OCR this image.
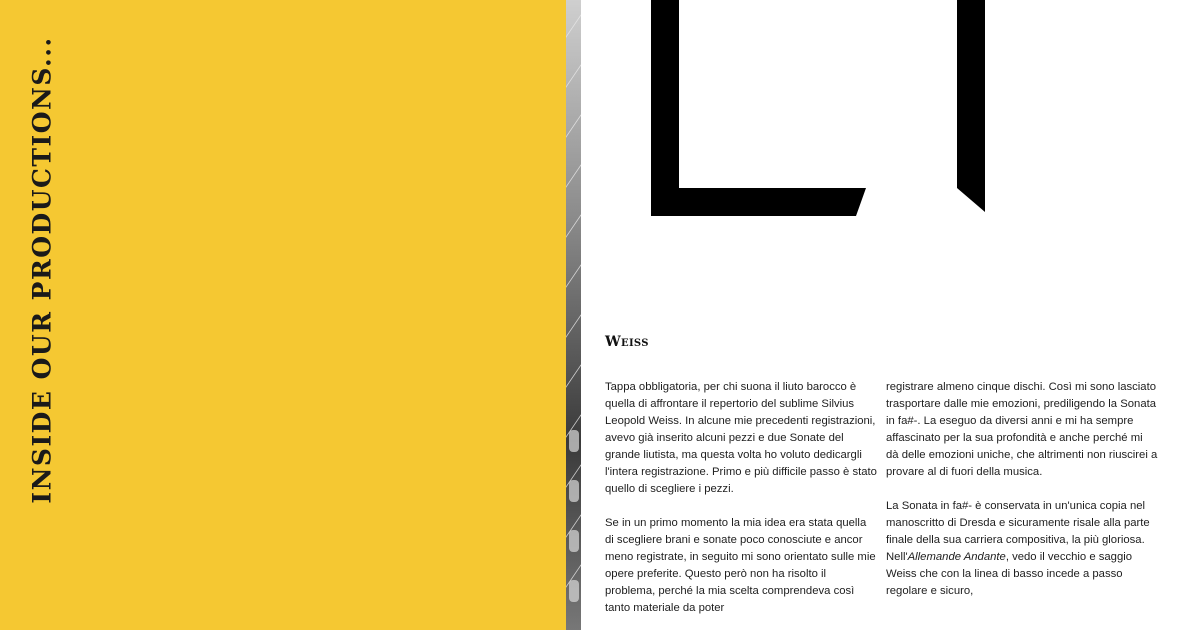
INSIDE OUR PRODUCTIONS...	Weiss

Tappa obbligatoria, per chi suona il liuto barocco è quella di affrontare il repertorio del sublime Silvius Leopold Weiss. In alcune mie precedenti registrazioni, avevo già inserito alcuni pezzi e due Sonate del grande liutista, ma questa volta ho voluto dedicargli l'intera registrazione. Primo e più difficile passo è stato quello di scegliere i pezzi.

Se in un primo momento la mia idea era stata quella di scegliere brani e sonate poco conosciute e ancor meno registrate, in seguito mi sono orientato sulle mie opere preferite. Questo però non ha risolto il problema, perché la mia scelta comprendeva così tanto materiale da poter

registrare almeno cinque dischi. Così mi sono lasciato trasportare dalle mie emozioni, prediligendo la Sonata in fa#-. La eseguo da diversi anni e mi ha sempre affascinato per la sua profondità e anche perché mi dà delle emozioni uniche, che altrimenti non riuscirei a provare al di fuori della musica.

La Sonata in fa#- è conservata in un'unica copia nel manoscritto di Dresda e sicuramente risale alla parte finale della sua carriera compositiva, la più gloriosa.
Nell'Allemande Andante, vedo il vecchio e saggio Weiss che con la linea di basso incede a passo regolare e sicuro,
